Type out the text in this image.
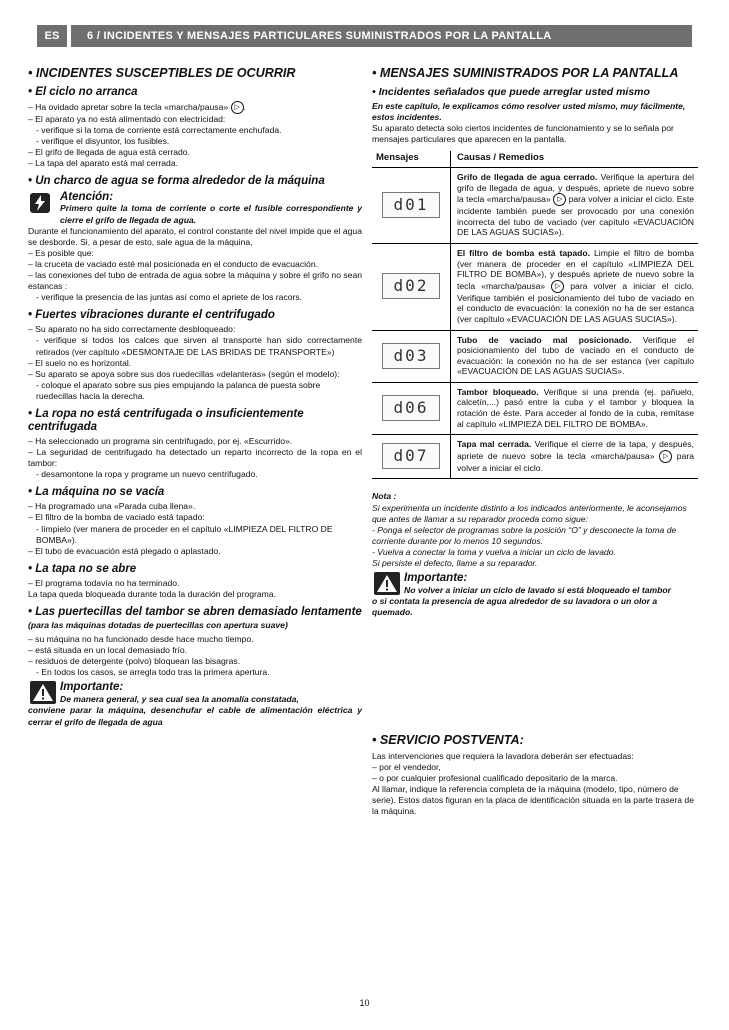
ES	6 / INCIDENTES Y MENSAJES PARTICULARES SUMINISTRADOS POR LA PANTALLA
• INCIDENTES SUSCEPTIBLES DE OCURRIR
• El ciclo no arranca

– Ha ovidado apretar sobre la tecla «marcha/pausa» ▷ .

– El aparato ya no está alimentado con electricidad:

- verifique si la toma de corriente está correctamente enchufada.

- verifique el disyuntor, los fusibles.

– El grifo de llegada de agua está cerrado.

– La tapa del aparato está mal cerrada.

• Un charco de agua se forma alrededor de la máquina
Atención:

Primero quite la toma de corriente o corte el fusible correspondiente y cierre el grifo de llegada de agua.

Durante el funcionamiento del aparato, el control constante del nivel impide que el agua se desborde. Si, a pesar de esto, sale agua de la máquina,

– Es posible que:

– la cruceta de vaciado esté mal posicionada en el conducto de evacuación.

– las conexiones del tubo de entrada de agua sobre la máquina y sobre el grifo no sean estancas :

- verifique la presencia de las juntas así como el apriete de los racors.

• Fuertes vibraciones durante el centrifugado

– Su aparato no ha sido correctamente desbloqueado:

- verifique si todos los calces que sirven al transporte han sido correctamente retirados (ver capítulo «DESMONTAJE DE LAS BRIDAS DE TRANSPORTE»)

– El suelo no es horizontal.

– Su aparato se apoya sobre sus dos ruedecillas «delanteras» (según el modelo):

- coloque el aparato sobre sus pies empujando la palanca de puesta sobre ruedecillas hacia la derecha.

• La ropa no está centrifugada o insuficientemente centrifugada

– Ha seleccionado un programa sin centrifugado, por ej. «Escurrido».

– La seguridad de centrifugado ha detectado un reparto incorrecto de la ropa en el tambor:

- desamontone la ropa y programe un nuevo centrifugado.

• La máquina no se vacía

– Ha programado una «Parada cuba llena».

– El filtro de la bomba de vaciado está tapado:

- límpielo (ver manera de proceder en el capítulo «LIMPIEZA DEL FILTRO DE BOMBA»).

– El tubo de evacuación está plegado o aplastado.

• La tapa no se abre

– El programa todavía no ha terminado.

La tapa queda bloqueada durante toda la duración del programa.

• Las puertecillas del tambor se abren demasiado lentamente (para las máquinas dotadas de puertecillas con apertura suave)

– su máquina no ha funcionado desde hace mucho tiempo.

– está situada en un local demasiado frío.

– residuos de detergente (polvo) bloquean las bisagras.

- En todos los casos, se arregla todo tras la primera apertura.

Importante:
De manera general, y sea cual sea la anomalía constatada,
conviene parar la máquina, desenchufar el cable de alimentación eléctrica y cerrar el grifo de llegada de agua
• MENSAJES SUMINISTRADOS POR LA PANTALLA
• Incidentes señalados que puede arreglar usted mismo

En este capítulo, le explicamos cómo resolver usted mismo, muy fácilmente, estos incidentes.

Su aparato detecta solo ciertos incidentes de funcionamiento y se lo señala por mensajes particulares que aparecen en la pantalla.

Mensajes	Causas / Remedios

d01	Grifo de llegada de agua cerrado. Verifique la apertura del grifo de llegada de agua, y después, apriete de nuevo sobre la tecla «marcha/pausa» ▷ para volver a iniciar el ciclo. Este incidente también puede ser provocado por una conexión incorrecta del tubo de vaciado (ver capítulo «EVACUACIÓN DE LAS AGUAS SUCIAS»).

d02	El filtro de bomba está tapado. Limpie el filtro de bomba (ver manera de proceder en el capítulo «LIMPIEZA DEL FILTRO DE BOMBA»), y después apriete de nuevo sobre la tecla «marcha/pausa» ▷ para volver a iniciar el ciclo. Verifique también el posicionamiento del tubo de vaciado en el conducto de evacuación: la conexión no ha de ser estanca (ver capítulo «EVACUACIÓN DE LAS AGUAS SUCIAS»).

d03	Tubo de vaciado mal posicionado. Verifique el posicionamiento del tubo de vaciado en el conducto de evacuación: la conexión no ha de ser estanca (ver capítulo «EVACUACIÓN DE LAS AGUAS SUCIAS».

d06	Tambor bloqueado. Verifique si una prenda (ej. pañuelo, calcetín,...) pasó entre la cuba y el tambor y bloquea la rotación de éste. Para acceder al fondo de la cuba, remítase al capítulo «LIMPIEZA DEL FILTRO DE BOMBA».

d07	Tapa mal cerrada. Verifique el cierre de la tapa, y después, apriete de nuevo sobre la tecla «marcha/pausa» ▷ para volver a iniciar el ciclo.

Nota :

Si experimenta un incidente distinto a los indicados anteriormente, le aconsejamos que antes de llamar a su reparador proceda como sigue:

- Ponga el selector de programas sobre la posición “O” y desconecte la toma de corriente durante por lo menos 10 segundos.

- Vuelva a conectar la toma y vuelva a iniciar un ciclo de lavado.

Si persiste el defecto, llame a su reparador.

Importante:
No volver a iniciar un ciclo de lavado si está bloqueado el tambor
o si contata la presencia de agua alrededor de su lavadora o un olor a quemado.
• SERVICIO POSTVENTA:

Las intervenciones que requiera la lavadora deberán ser efectuadas:

– por el vendedor,

– o por cualquier profesional cualificado depositario de la marca.

Al llamar, indique la referencia completa de la máquina (modelo, tipo, número de serie). Estos datos figuran en la placa de identificación situada en la parte trasera de la máquina.

10
